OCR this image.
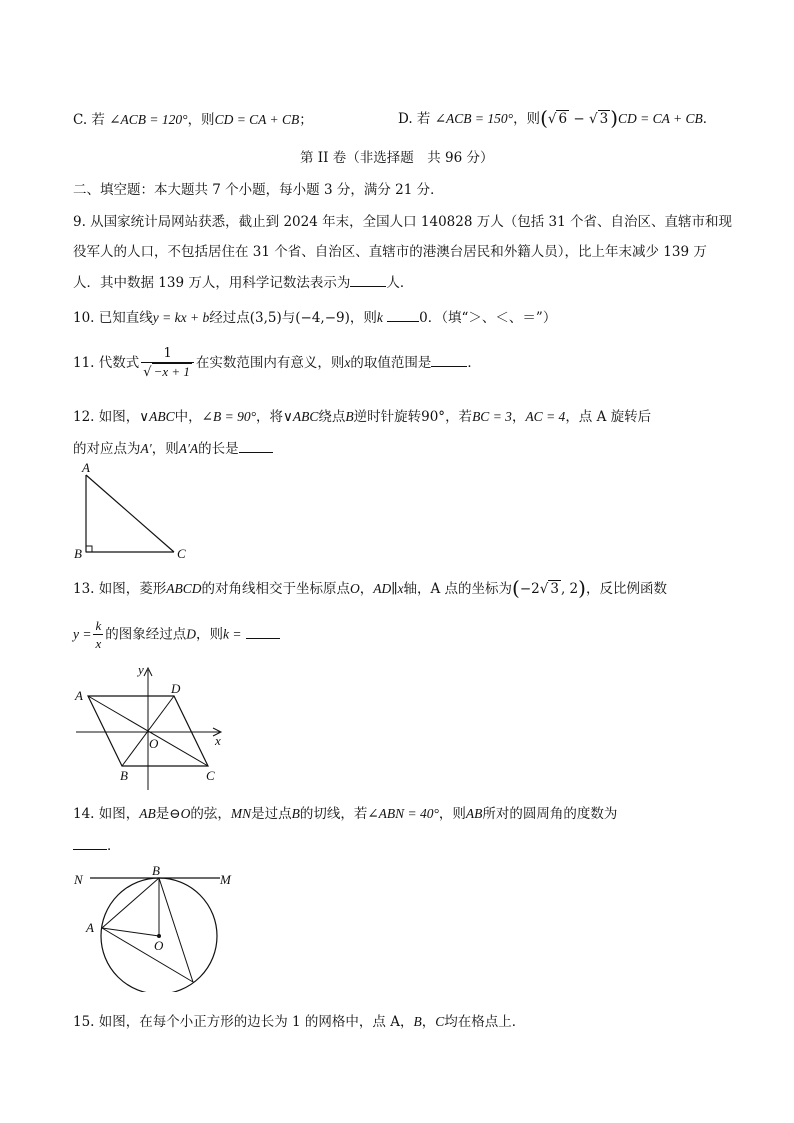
C. 若 ∠ACB = 120°，则CD = CA + CB；	D. 若 ∠ACB = 150°，则(√ 6 − √ 3 )CD = CA + CB．
第 II 卷（非选择题　共 96 分）
二、填空题：本大题共 7 个小题，每小题 3 分，满分 21 分．
9. 从国家统计局网站获悉，截止到 2024 年末，全国人口 140828 万人（包括 31 个省、自治区、直辖市和现
役军人的人口，不包括居住在 31 个省、自治区、直辖市的港澳台居民和外籍人员），比上年末减少 139 万
人．其中数据 139 万人，用科学记数法表示为	人．
10. 已知直线y = kx + b经过点(3,5)与(−4,−9)，则k	0．（填“＞、＜、＝”）
11. 代数式 $\frac{1}{√ -x + 1}$ 在实数范围内有意义，则x的取值范围是	．
12. 如图，∨ABC中，∠B = 90°，将∨ABC绕点B逆时针旋转90°，若BC = 3，AC = 4，点 A 旋转后
的对应点为A′，则A′A的长是
A
B	C
13. 如图，菱形ABCD的对角线相交于坐标原点O，AD∥x轴，A 点的坐标为(−2√ 3 , 2)，反比例函数
$y = \frac{k}{x}$ 的图象经过点D，则k =
y
x
A	D
O
B	C
14. 如图，AB是⊖O的弦，MN是过点B的切线，若∠ABN = 40°，则AB所对的圆周角的度数为
．
N
B
M
A
O
15. 如图，在每个小正方形的边长为 1 的网格中，点 A，B，C均在格点上．
